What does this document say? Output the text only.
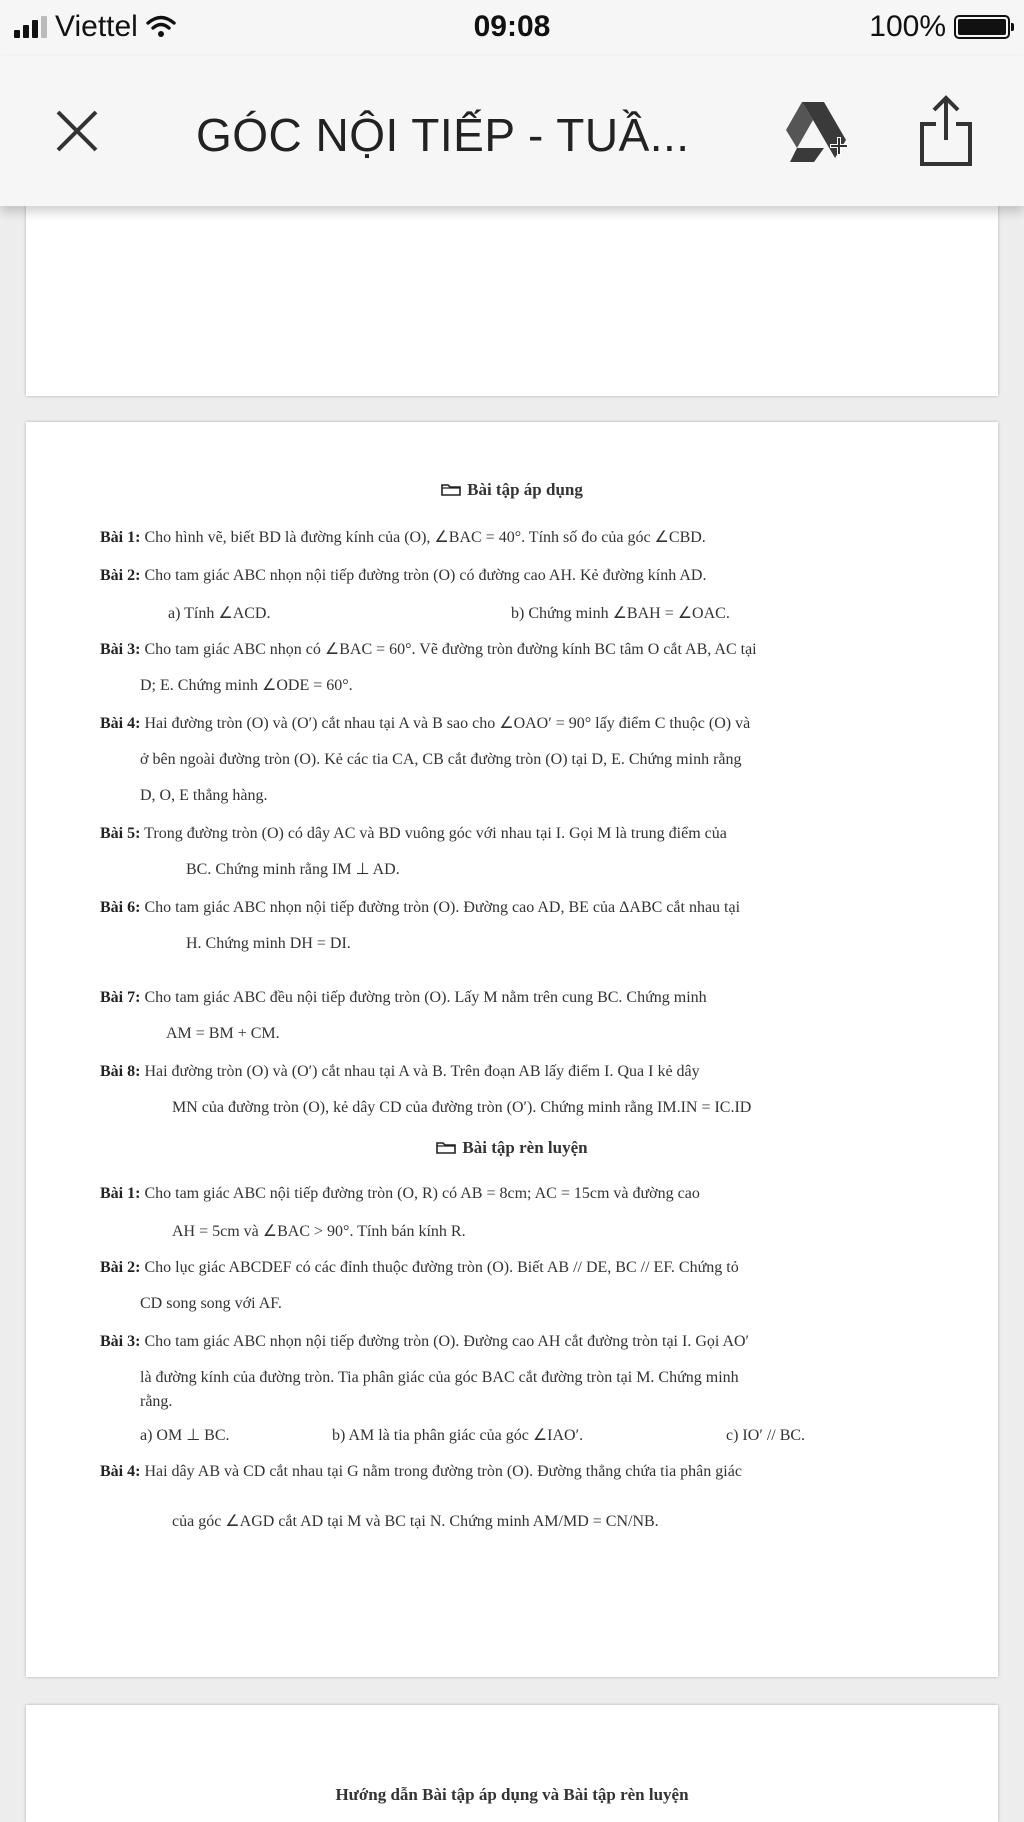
Viettel	09:08	100%
GÓC NỘI TIẾP - TUẦ...
Bài tập áp dụng
Bài 1: Cho hình vẽ, biết BD là đường kính của (O), ∠BAC = 40°. Tính số đo của góc ∠CBD.
Bài 2: Cho tam giác ABC nhọn nội tiếp đường tròn (O) có đường cao AH. Kẻ đường kính AD.
a) Tính ∠ACD.	b) Chứng minh ∠BAH = ∠OAC.
Bài 3: Cho tam giác ABC nhọn có ∠BAC = 60°. Vẽ đường tròn đường kính BC tâm O cắt AB, AC tại
D; E. Chứng minh ∠ODE = 60°.
Bài 4: Hai đường tròn (O) và (O′) cắt nhau tại A và B sao cho ∠OAO′ = 90° lấy điểm C thuộc (O) và
ở bên ngoài đường tròn (O). Kẻ các tia CA, CB cắt đường tròn (O) tại D, E. Chứng minh rằng
D, O, E thẳng hàng.
Bài 5: Trong đường tròn (O) có dây AC và BD vuông góc với nhau tại I. Gọi M là trung điểm của
BC. Chứng minh rằng IM ⊥ AD.
Bài 6: Cho tam giác ABC nhọn nội tiếp đường tròn (O). Đường cao AD, BE của ΔABC cắt nhau tại
H. Chứng minh DH = DI.
Bài 7: Cho tam giác ABC đều nội tiếp đường tròn (O). Lấy M nằm trên cung BC. Chứng minh
AM = BM + CM.
Bài 8: Hai đường tròn (O) và (O′) cắt nhau tại A và B. Trên đoạn AB lấy điểm I. Qua I kẻ dây
MN của đường tròn (O), kẻ dây CD của đường tròn (O′). Chứng minh rằng IM.IN = IC.ID
Bài tập rèn luyện
Bài 1: Cho tam giác ABC nội tiếp đường tròn (O, R) có AB = 8cm; AC = 15cm và đường cao
AH = 5cm và ∠BAC > 90°. Tính bán kính R.
Bài 2: Cho lục giác ABCDEF có các đỉnh thuộc đường tròn (O). Biết AB // DE, BC // EF. Chứng tỏ
CD song song với AF.
Bài 3: Cho tam giác ABC nhọn nội tiếp đường tròn (O). Đường cao AH cắt đường tròn tại I. Gọi AO′
là đường kính của đường tròn. Tia phân giác của góc BAC cắt đường tròn tại M. Chứng minh
rằng.
a) OM ⊥ BC.	b) AM là tia phân giác của góc ∠IAO′.	c) IO′ // BC.
Bài 4: Hai dây AB và CD cắt nhau tại G nằm trong đường tròn (O). Đường thẳng chứa tia phân giác
của góc ∠AGD cắt AD tại M và BC tại N. Chứng minh AM/MD = CN/NB.
Hướng dẫn Bài tập áp dụng và Bài tập rèn luyện
